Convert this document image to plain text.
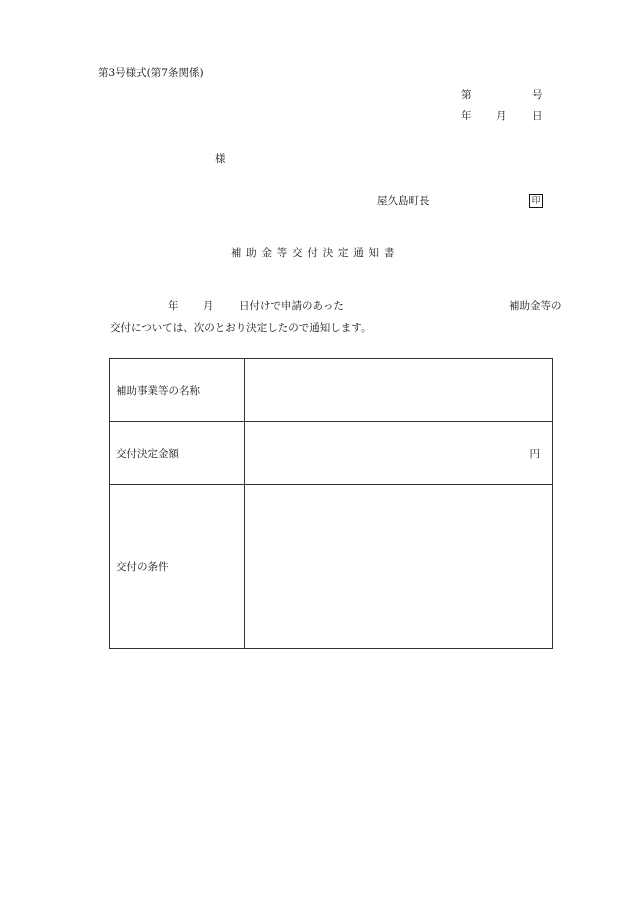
第3号様式(第7条関係)
第	号
年 月 日
様
屋久島町長	印
補助金等交付決定通知書
年 月 日付けで申請のあった	補助金等の
交付については、次のとおり決定したので通知します。
補助事業等の名称	
交付決定金額	円

交付の条件	
